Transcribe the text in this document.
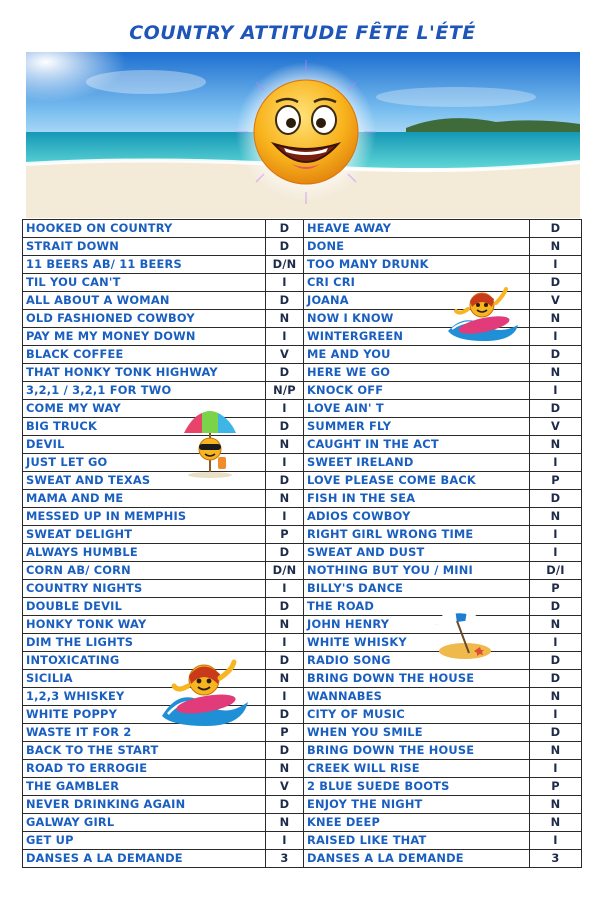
COUNTRY ATTITUDE FÊTE L'ÉTÉ
HOOKED ON COUNTRY	D	HEAVE AWAY	D
STRAIT DOWN	D	DONE	N
11 BEERS AB/ 11 BEERS	D/N	TOO MANY DRUNK	I
TIL YOU CAN'T	I	CRI CRI	D
ALL ABOUT A WOMAN	D	JOANA	V
OLD FASHIONED COWBOY	N	NOW I KNOW	N
PAY ME MY MONEY DOWN	I	WINTERGREEN	I
BLACK COFFEE	V	ME AND YOU	D
THAT HONKY TONK HIGHWAY	D	HERE WE GO	N
3,2,1 / 3,2,1 FOR TWO	N/P	KNOCK OFF	I
COME MY WAY	I	LOVE AIN' T	D
BIG TRUCK	D	SUMMER FLY	V
DEVIL	N	CAUGHT IN THE ACT	N
JUST LET GO	I	SWEET IRELAND	I
SWEAT AND TEXAS	D	LOVE PLEASE COME BACK	P
MAMA AND ME	N	FISH IN THE SEA	D
MESSED UP IN MEMPHIS	I	ADIOS COWBOY	N
SWEAT DELIGHT	P	RIGHT GIRL WRONG TIME	I
ALWAYS HUMBLE	D	SWEAT AND DUST	I
CORN AB/ CORN	D/N	NOTHING BUT YOU / MINI	D/I
COUNTRY NIGHTS	I	BILLY'S DANCE	P
DOUBLE DEVIL	D	THE ROAD	D
HONKY TONK WAY	N	JOHN HENRY	N
DIM THE LIGHTS	I	WHITE WHISKY	I
INTOXICATING	D	RADIO SONG	D
SICILIA	N	BRING DOWN THE HOUSE	D
1,2,3 WHISKEY	I	WANNABES	N
WHITE POPPY	D	CITY OF MUSIC	I
WASTE IT FOR 2	P	WHEN YOU SMILE	D
BACK TO THE START	D	BRING DOWN THE HOUSE	N
ROAD TO ERROGIE	N	CREEK WILL RISE	I
THE GAMBLER	V	2 BLUE SUEDE BOOTS	P
NEVER DRINKING AGAIN	D	ENJOY THE NIGHT	N
GALWAY GIRL	N	KNEE DEEP	N
GET UP	I	RAISED LIKE THAT	I
DANSES A LA DEMANDE	3	DANSES A LA DEMANDE	3
